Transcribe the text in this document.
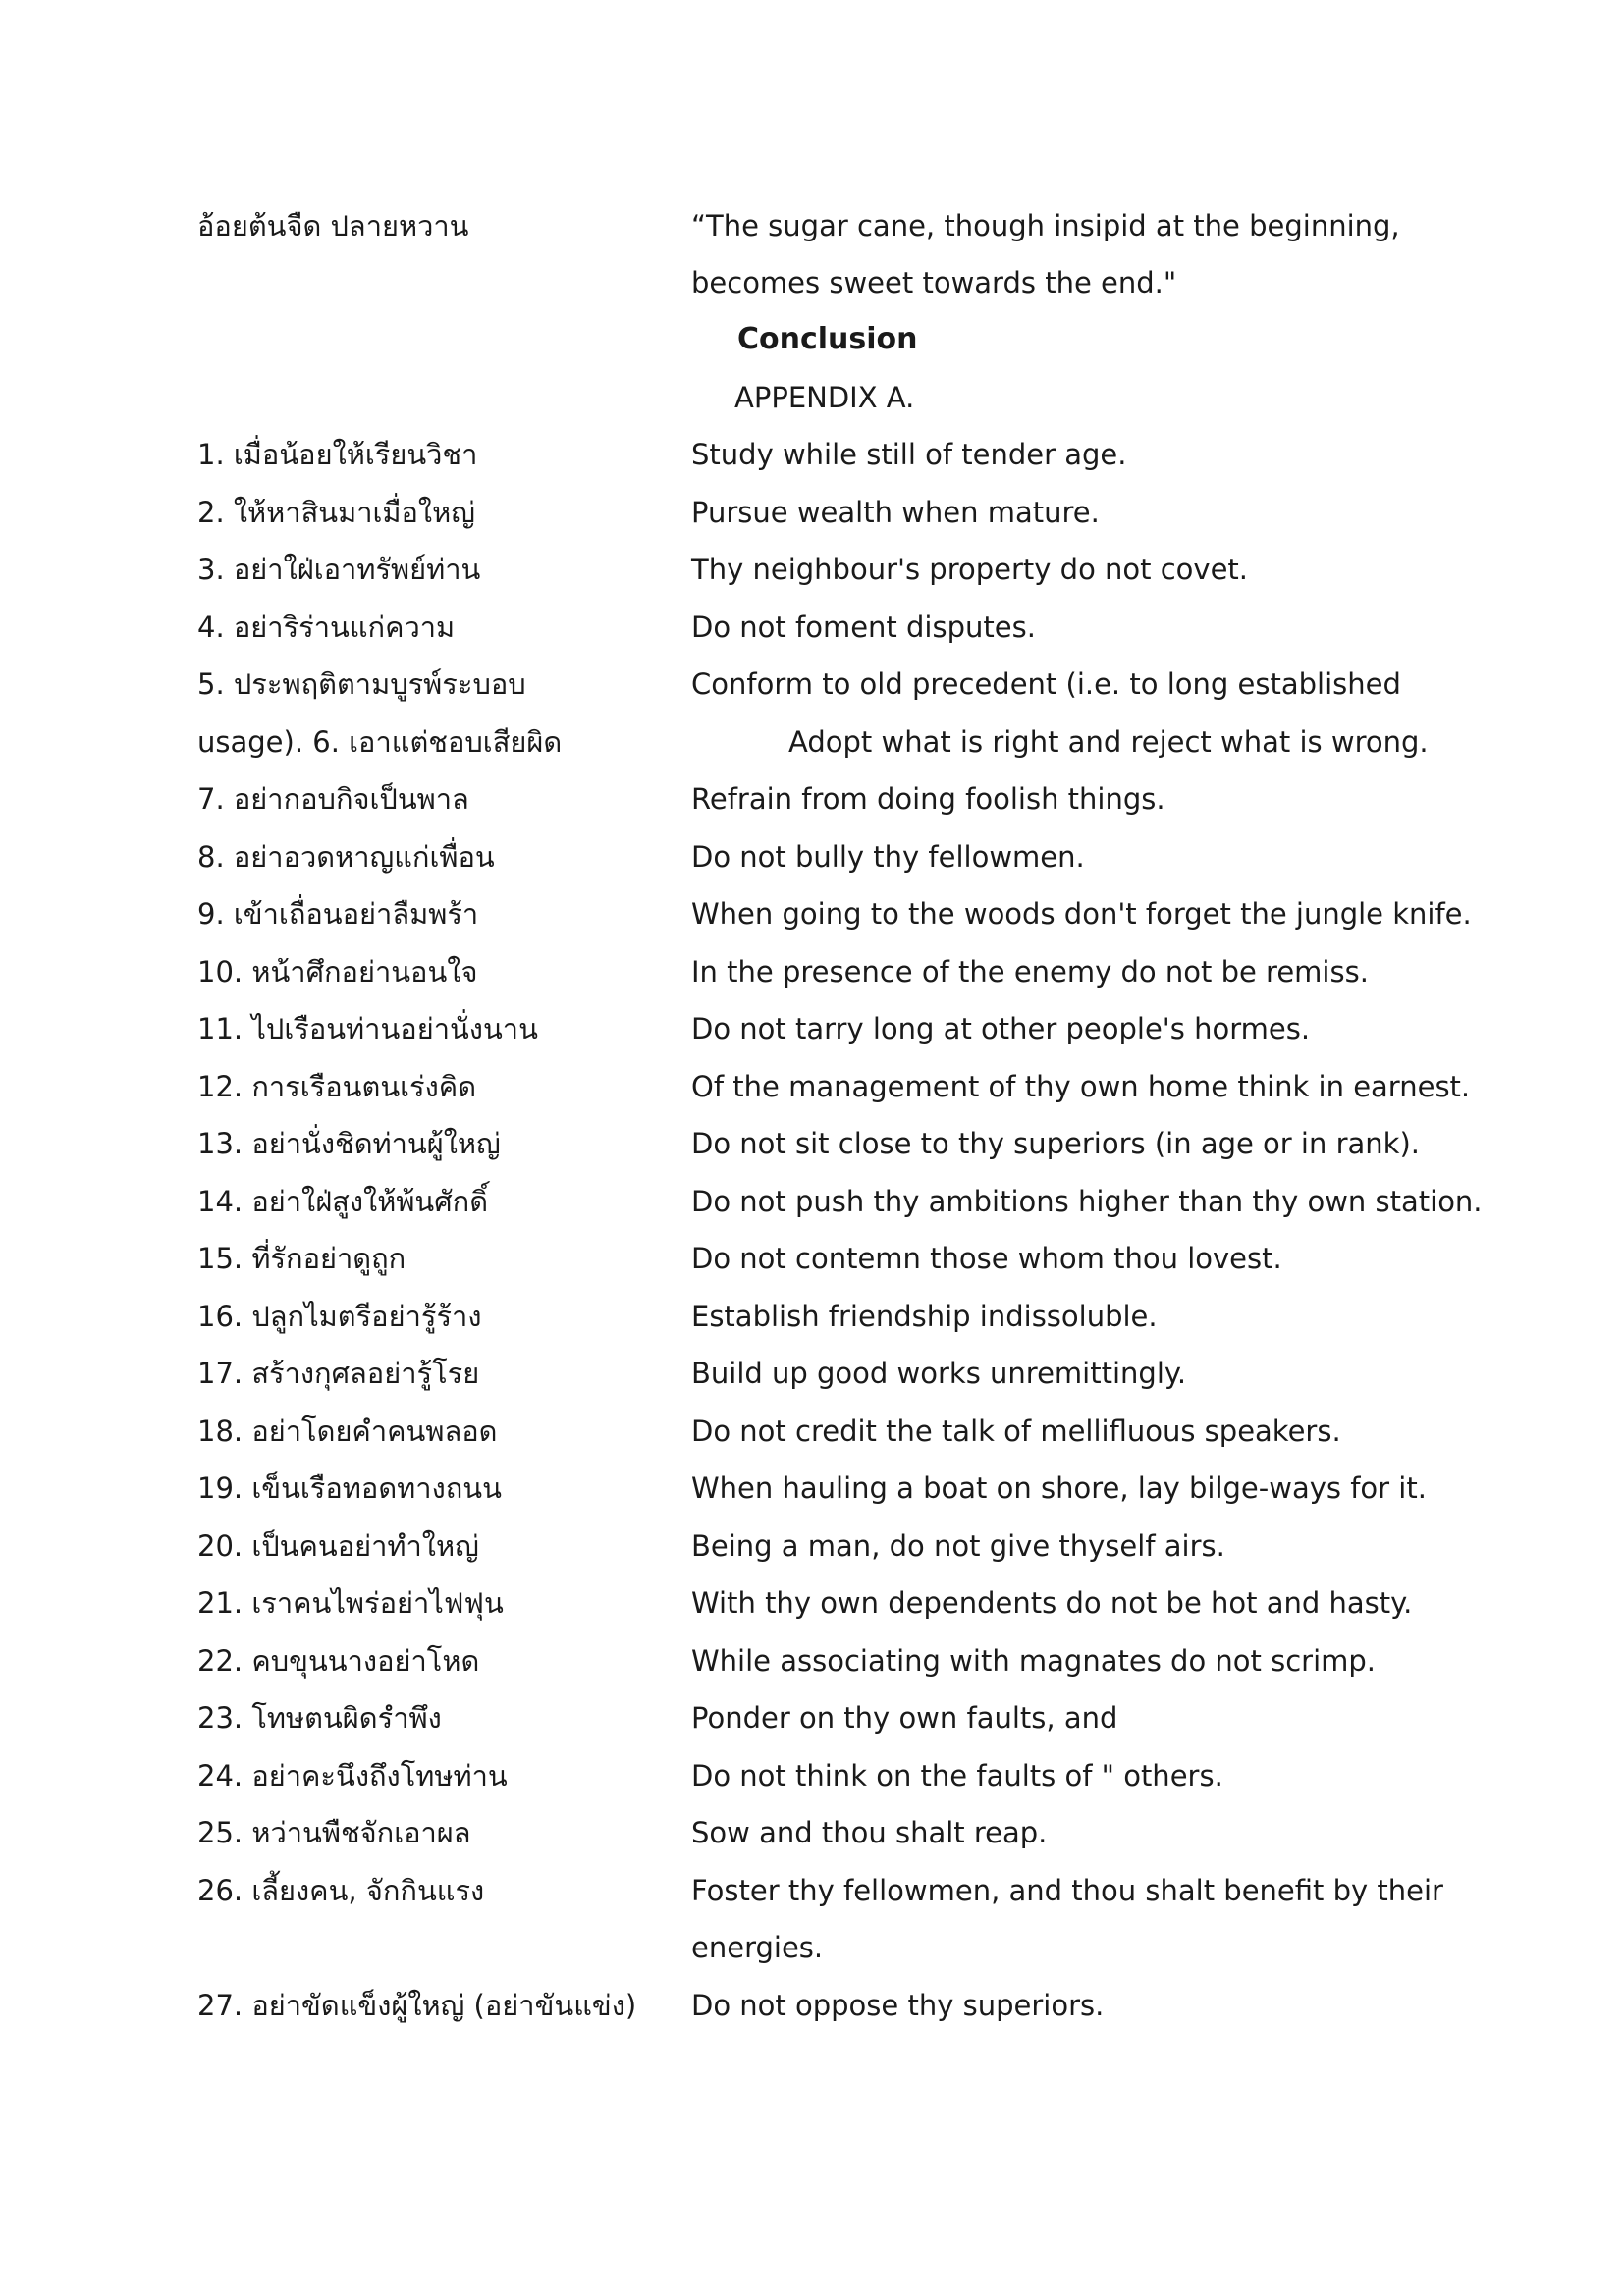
อ้อยต้นจืด ปลายหวาน	“The sugar cane, though insipid at the beginning,
becomes sweet towards the end."
Conclusion
APPENDIX A.
1. เมื่อน้อยให้เรียนวิชา	Study while still of tender age.
2. ให้หาสินมาเมื่อใหญ่	Pursue wealth when mature.
3. อย่าใฝ่เอาทรัพย์ท่าน	Thy neighbour's property do not covet.
4. อย่าริร่านแก่ความ	Do not foment disputes.
5. ประพฤติตามบูรพ์ระบอบ	Conform to old precedent (i.e. to long established
usage). 6. เอาแต่ชอบเสียผิด	Adopt what is right and reject what is wrong.
7. อย่ากอบกิจเป็นพาล	Refrain from doing foolish things.
8. อย่าอวดหาญแก่เพื่อน	Do not bully thy fellowmen.
9. เข้าเถื่อนอย่าลืมพร้า	When going to the woods don't forget the jungle knife.
10. หน้าศึกอย่านอนใจ	In the presence of the enemy do not be remiss.
11. ไปเรือนท่านอย่านั่งนาน	Do not tarry long at other people's hormes.
12. การเรือนตนเร่งคิด	Of the management of thy own home think in earnest.
13. อย่านั่งชิดท่านผู้ใหญ่	Do not sit close to thy superiors (in age or in rank).
14. อย่าใฝ่สูงให้พ้นศักดิ์	Do not push thy ambitions higher than thy own station.
15. ที่รักอย่าดูถูก	Do not contemn those whom thou lovest.
16. ปลูกไมตรีอย่ารู้ร้าง	Establish friendship indissoluble.
17. สร้างกุศลอย่ารู้โรย	Build up good works unremittingly.
18. อย่าโดยคำคนพลอด	Do not credit the talk of mellifluous speakers.
19. เข็นเรือทอดทางถนน	When hauling a boat on shore, lay bilge-ways for it.
20. เป็นคนอย่าทำใหญ่	Being a man, do not give thyself airs.
21. เราคนไพร่อย่าไฟฟุน	With thy own dependents do not be hot and hasty.
22. คบขุนนางอย่าโหด	While associating with magnates do not scrimp.
23. โทษตนผิดรำพึง	Ponder on thy own faults, and
24. อย่าคะนึงถึงโทษท่าน	Do not think on the faults of " others.
25. หว่านพืชจักเอาผล	Sow and thou shalt reap.
26. เลี้ยงคน, จักกินแรง	Foster thy fellowmen, and thou shalt benefit by their
energies.
27. อย่าขัดแข็งผู้ใหญ่ (อย่าขันแข่ง) Do not oppose thy superiors.
